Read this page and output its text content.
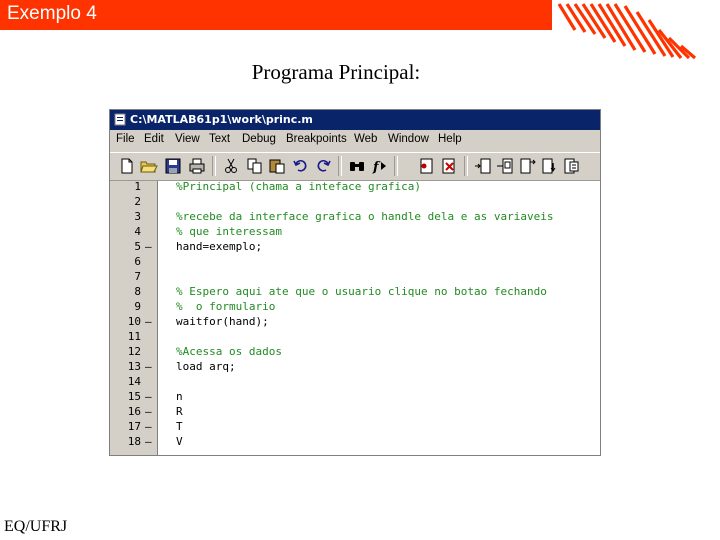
Exemplo 4
Programa Principal:
C:\MATLAB61p1\work\princ.m
File Edit View Text Debug Breakpoints Web Window Help
f
1	%Principal (chama a inteface grafica)
2
3	%recebe da interface grafica o handle dela e as variaveis
4	% que interessam
5 –	hand=exemplo;
6
7
8	% Espero aqui ate que o usuario clique no botao fechando
9	%  o formulario
10 –	waitfor(hand);
11
12	%Acessa os dados
13 –	load arq;
14
15 –	n
16 –	R
17 –	T
18 –	V
EQ/UFRJ
